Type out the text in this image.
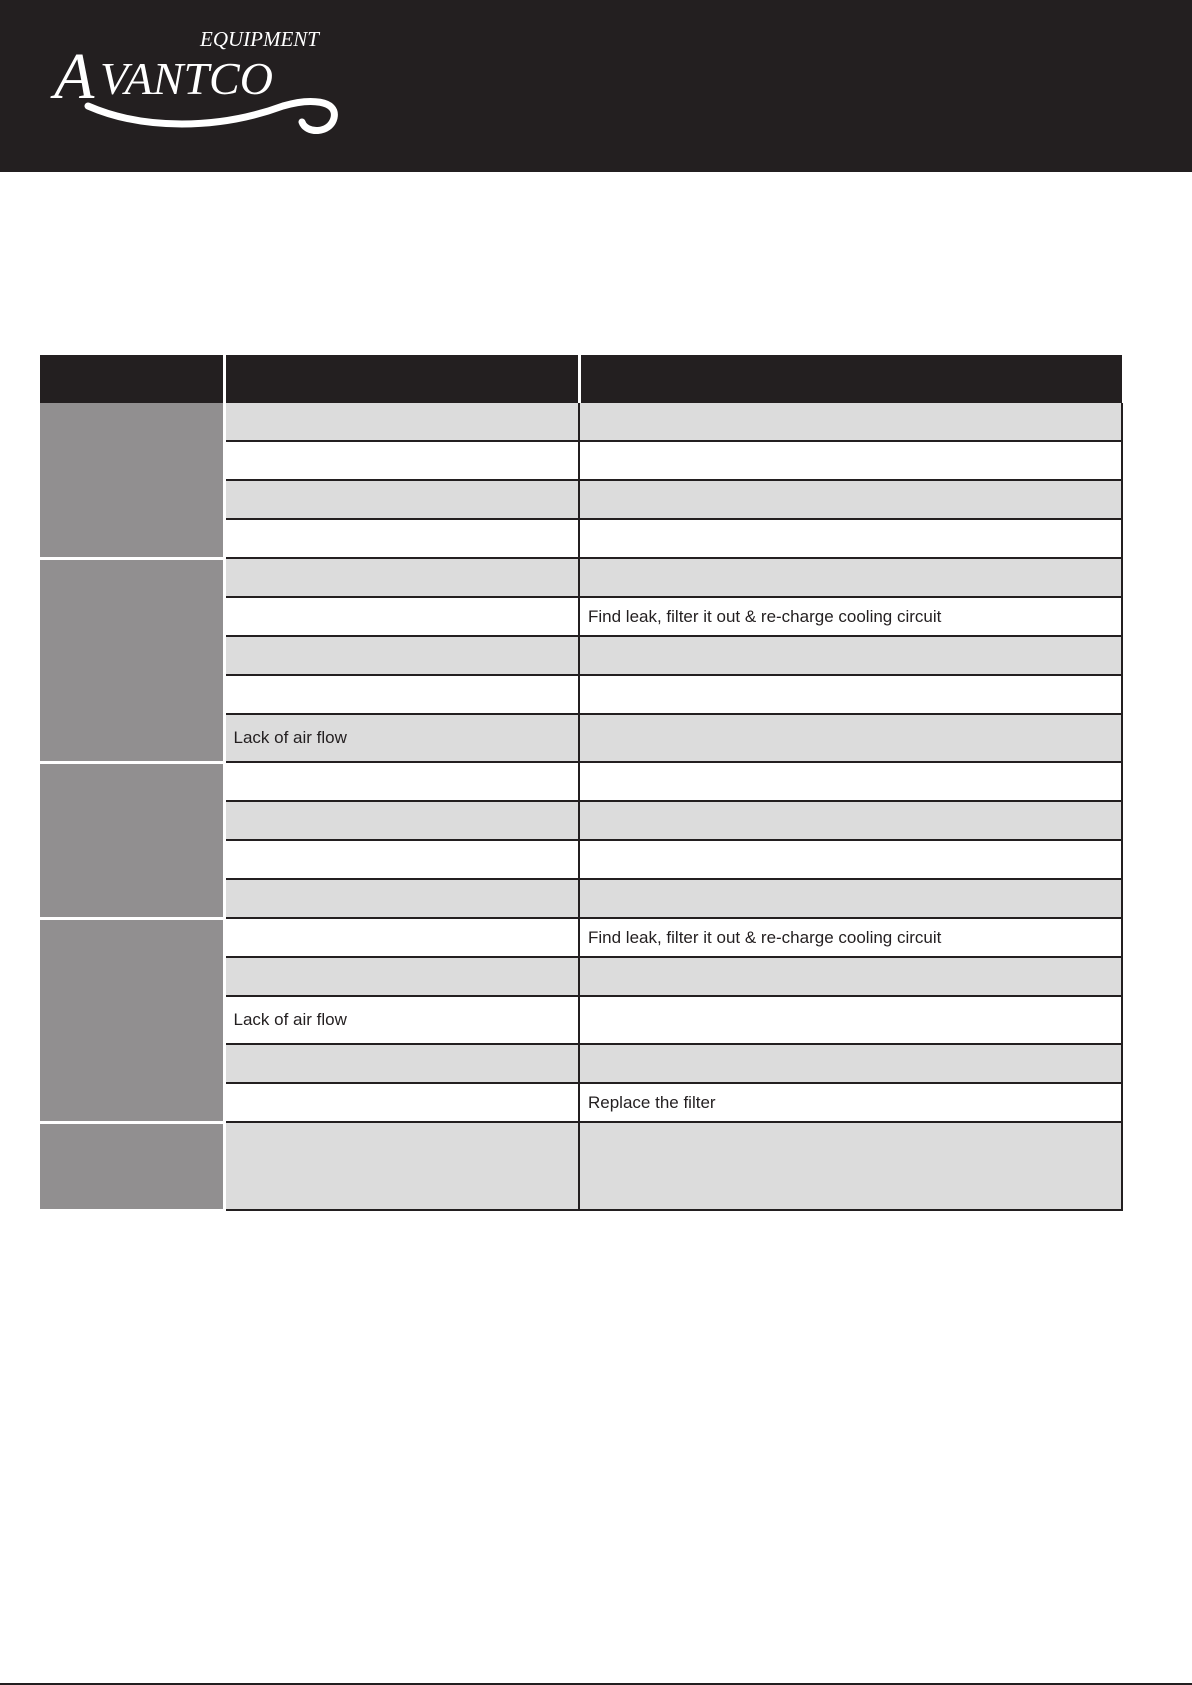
EQUIPMENT
A VANTCO

		Find leak, filter it out & re-charge cooling circuit

	Lack of air flow	

		Find leak, filter it out & re-charge cooling circuit

	Lack of air flow	

		Replace the filter
